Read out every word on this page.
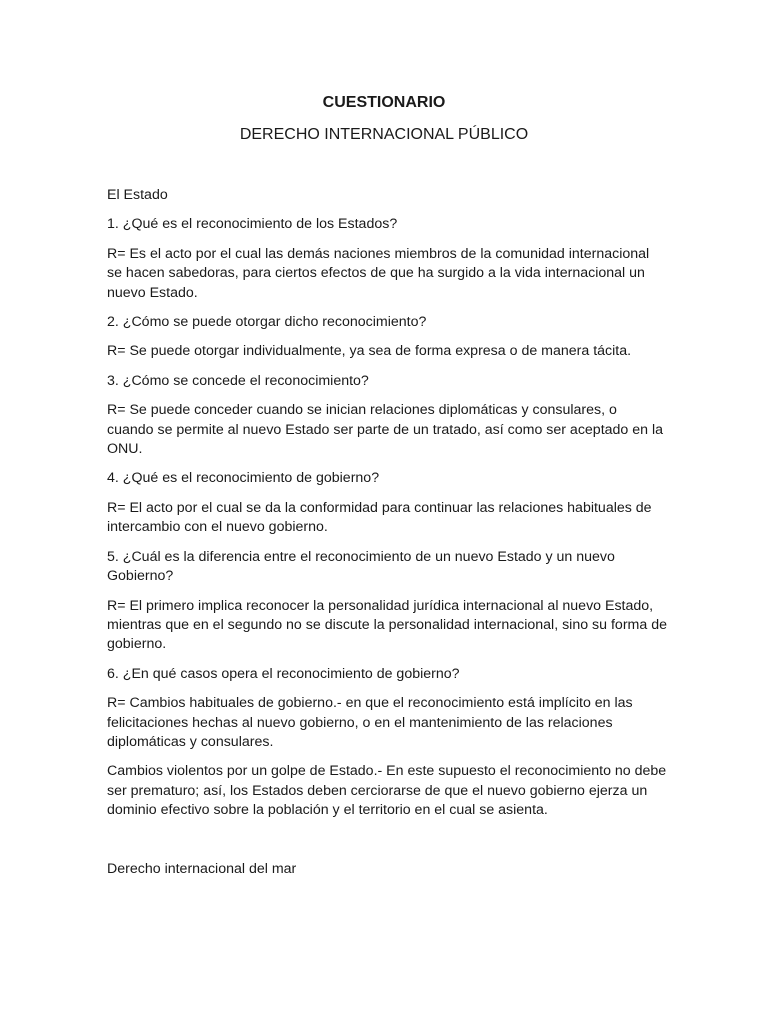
CUESTIONARIO
DERECHO INTERNACIONAL PÚBLICO

El Estado

1. ¿Qué es el reconocimiento de los Estados?

R= Es el acto por el cual las demás naciones miembros de la comunidad internacional se hacen sabedoras, para ciertos efectos de que ha surgido a la vida internacional un nuevo Estado.

2. ¿Cómo se puede otorgar dicho reconocimiento?

R= Se puede otorgar individualmente, ya sea de forma expresa o de manera tácita.

3. ¿Cómo se concede el reconocimiento?

R= Se puede conceder cuando se inician relaciones diplomáticas y consulares, o cuando se permite al nuevo Estado ser parte de un tratado, así como ser aceptado en la ONU.

4. ¿Qué es el reconocimiento de gobierno?

R= El acto por el cual se da la conformidad para continuar las relaciones habituales de intercambio con el nuevo gobierno.

5. ¿Cuál es la diferencia entre el reconocimiento de un nuevo Estado y un nuevo Gobierno?

R= El primero implica reconocer la personalidad jurídica internacional al nuevo Estado, mientras que en el segundo no se discute la personalidad internacional, sino su forma de gobierno.

6. ¿En qué casos opera el reconocimiento de gobierno?

R= Cambios habituales de gobierno.- en que el reconocimiento está implícito en las felicitaciones hechas al nuevo gobierno, o en el mantenimiento de las relaciones diplomáticas y consulares.

Cambios violentos por un golpe de Estado.- En este supuesto el reconocimiento no debe ser prematuro; así, los Estados deben cerciorarse de que el nuevo gobierno ejerza un dominio efectivo sobre la población y el territorio en el cual se asienta.

Derecho internacional del mar
